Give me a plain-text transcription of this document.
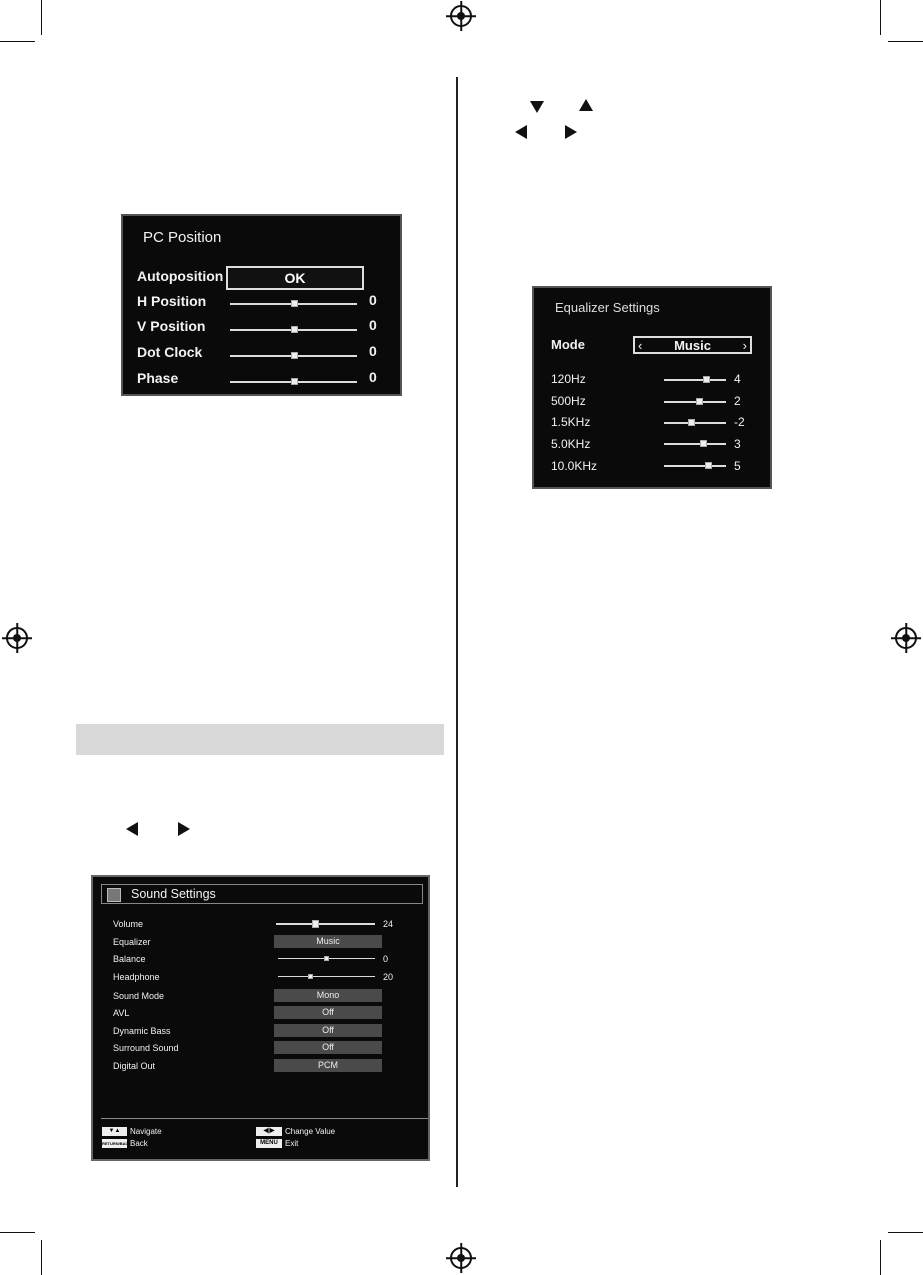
PC Position
Autoposition	OK
H Position	0
V Position	0
Dot Clock	0
Phase	0
Equalizer Settings
Mode	‹ Music ›
120Hz	4
500Hz	2
1.5KHz	-2
5.0KHz	3
10.0KHz	5
Sound Settings
Volume	24
Equalizer	Music
Balance	0
Headphone	20
Sound Mode	Mono
AVL	Off
Dynamic Bass	Off
Surround Sound	Off
Digital Out	PCM
▼▲	Navigate
RETURN/BACK
Back
◀|▶	Change Value
MENU Exit
